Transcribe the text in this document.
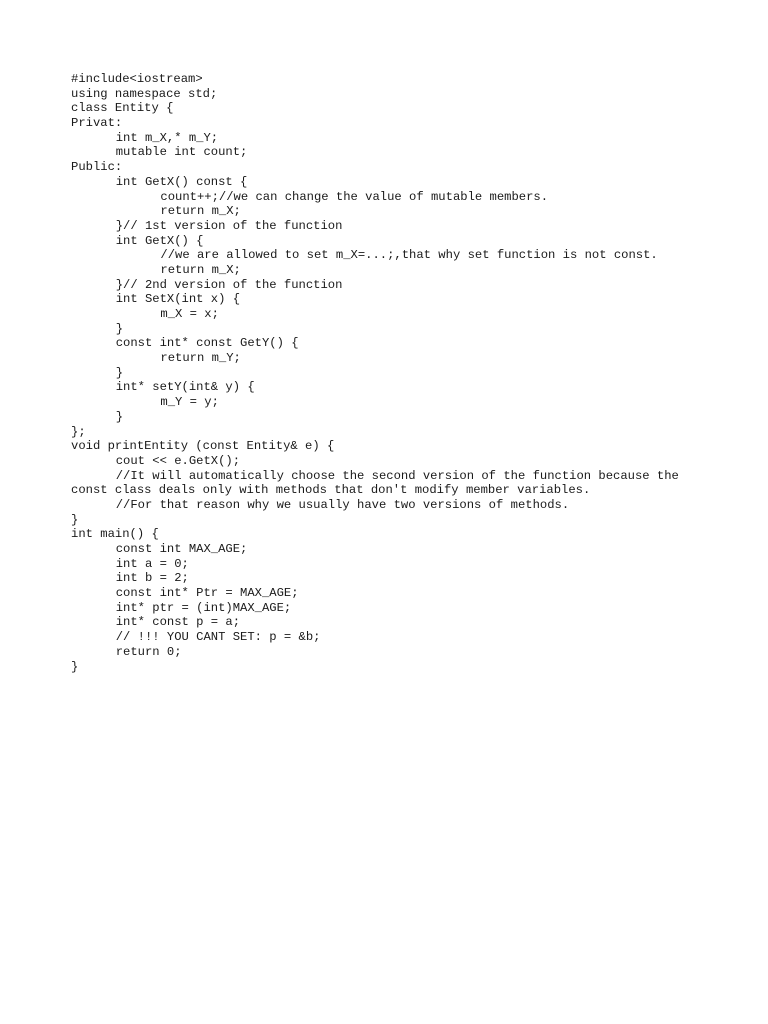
#include<iostream>
using namespace std;
class Entity {
Privat:
int m_X,* m_Y;
mutable int count;
Public:
int GetX() const {
count++;//we can change the value of mutable members.
return m_X;
}// 1st version of the function
int GetX() {
//we are allowed to set m_X=...;,that why set function is not const.
return m_X;
}// 2nd version of the function
int SetX(int x) {
m_X = x;
}
const int* const GetY() {
return m_Y;
}
int* setY(int& y) {
m_Y = y;
}
};
void printEntity (const Entity& e) {
cout << e.GetX();
//It will automatically choose the second version of the function because the
const class deals only with methods that don't modify member variables.
//For that reason why we usually have two versions of methods.
}
int main() {
const int MAX_AGE;
int a = 0;
int b = 2;
const int* Ptr = MAX_AGE;
int* ptr = (int)MAX_AGE;
int* const p = a;
// !!! YOU CANT SET: p = &b;
return 0;
}
